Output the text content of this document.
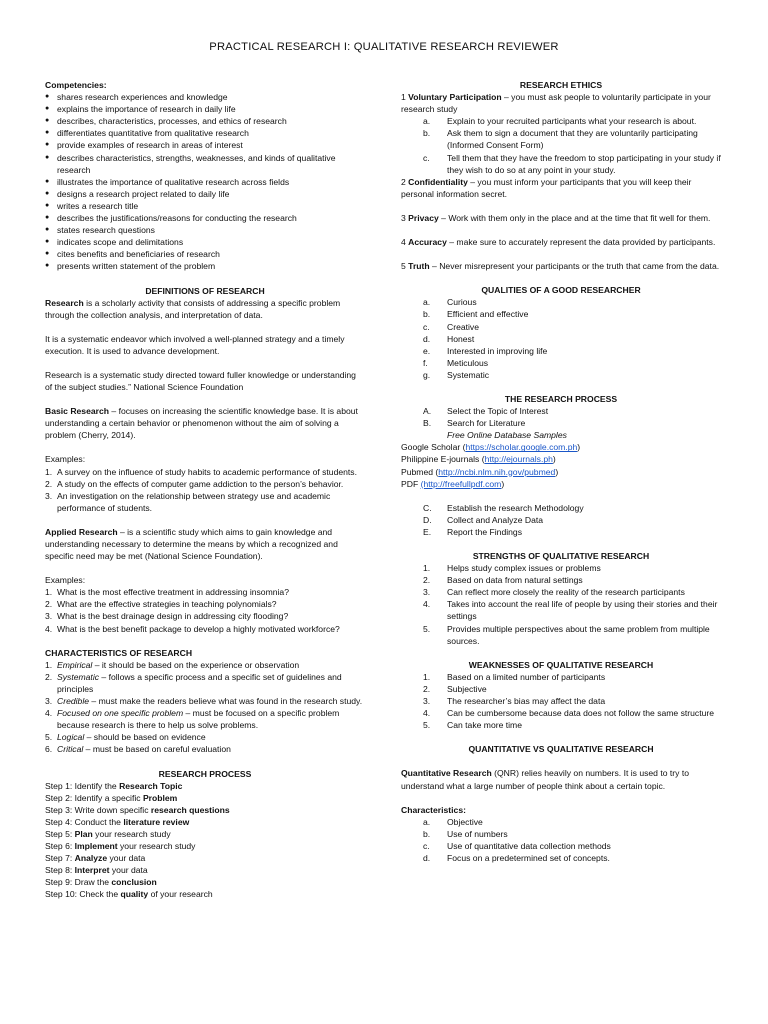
PRACTICAL RESEARCH I: QUALITATIVE RESEARCH REVIEWER
Competencies:
● shares research experiences and knowledge
● explains the importance of research in daily life
● describes, characteristics, processes, and ethics of research
● differentiates quantitative from qualitative research
● provide examples of research in areas of interest
● describes characteristics, strengths, weaknesses, and kinds of qualitative research
● illustrates the importance of qualitative research across fields
● designs a research project related to daily life
● writes a research title
● describes the justifications/reasons for conducting the research
● states research questions
● indicates scope and delimitations
● cites benefits and beneficiaries of research
● presents written statement of the problem
DEFINITIONS OF RESEARCH

Research is a scholarly activity that consists of addressing a specific problem through the collection analysis, and interpretation of data.

It is a systematic endeavor which involved a well-planned strategy and a timely execution. It is used to advance development.

Research is a systematic study directed toward fuller knowledge or understanding of the subject studies.” National Science Foundation

Basic Research – focuses on increasing the scientific knowledge base. It is about understanding a certain behavior or phenomenon without the aim of solving a problem (Cherry, 2014).

Examples:
1. A survey on the influence of study habits to academic performance of students.
2. A study on the effects of computer game addiction to the person’s behavior.
3. An investigation on the relationship between strategy use and academic performance of students.

Applied Research – is a scientific study which aims to gain knowledge and understanding necessary to determine the means by which a recognized and specific need may be met (National Science Foundation).

Examples:
1. What is the most effective treatment in addressing insomnia?
2. What are the effective strategies in teaching polynomials?
3. What is the best drainage design in addressing city flooding?
4. What is the best benefit package to develop a highly motivated workforce?
CHARACTERISTICS OF RESEARCH
1. Empirical – it should be based on the experience or observation
2. Systematic – follows a specific process and a specific set of guidelines and principles
3. Credible – must make the readers believe what was found in the research study.
4. Focused on one specific problem – must be focused on a specific problem because research is there to help us solve problems.
5. Logical – should be based on evidence
6. Critical – must be based on careful evaluation
RESEARCH PROCESS
Step 1: Identify the Research Topic
Step 2: Identify a specific Problem
Step 3: Write down specific research questions
Step 4: Conduct the literature review
Step 5: Plan your research study
Step 6: Implement your research study
Step 7: Analyze your data
Step 8: Interpret your data
Step 9: Draw the conclusion
Step 10: Check the quality of your research
RESEARCH ETHICS

1 Voluntary Participation – you must ask people to voluntarily participate in your research study

a. Explain to your recruited participants what your research is about.
b. Ask them to sign a document that they are voluntarily participating (Informed Consent Form)
c. Tell them that they have the freedom to stop participating in your study if they wish to do so at any point in your study.

2 Confidentiality – you must inform your participants that you will keep their personal information secret.

3 Privacy – Work with them only in the place and at the time that fit well for them.

4 Accuracy – make sure to accurately represent the data provided by participants.

5 Truth – Never misrepresent your participants or the truth that came from the data.

QUALITIES OF A GOOD RESEARCHER
a. Curious
b. Efficient and effective
c. Creative
d. Honest
e. Interested in improving life
f. Meticulous
g. Systematic
THE RESEARCH PROCESS
A. Select the Topic of Interest
B. Search for Literature
Free Online Database Samples
Google Scholar (https://scholar.google.com.ph)
Philippine E-journals (http://ejournals.ph)
Pubmed (http://ncbi.nlm.nih.gov/pubmed)
PDF (http://freefullpdf.com)
C. Establish the research Methodology
D. Collect and Analyze Data
E. Report the Findings
STRENGTHS OF QUALITATIVE RESEARCH
1. Helps study complex issues or problems
2. Based on data from natural settings
3. Can reflect more closely the reality of the research participants
4. Takes into account the real life of people by using their stories and their settings
5. Provides multiple perspectives about the same problem from multiple sources.
WEAKNESSES OF QUALITATIVE RESEARCH
1. Based on a limited number of participants
2. Subjective
3. The researcher’s bias may affect the data
4. Can be cumbersome because data does not follow the same structure
5. Can take more time
QUANTITATIVE VS QUALITATIVE RESEARCH

Quantitative Research (QNR) relies heavily on numbers. It is used to try to understand what a large number of people think about a certain topic.

Characteristics:
a. Objective
b. Use of numbers
c. Use of quantitative data collection methods
d. Focus on a predetermined set of concepts.
